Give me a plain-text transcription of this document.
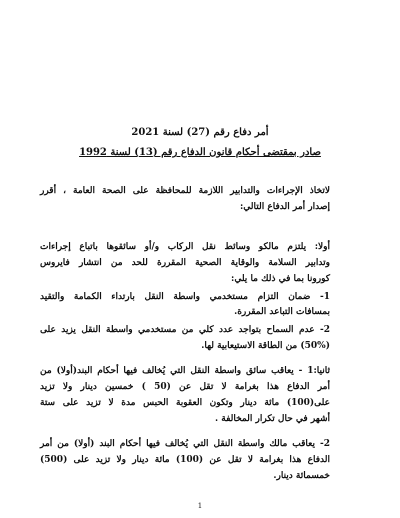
أمر دفاع رقم (27) لسنة 2021
صادر بمقتضى أحكام قانون الدفاع رقم (13) لسنة 1992
لاتخاذ الإجراءات والتدابير اللازمة للمحافظة على الصحة العامة ، أقرر
إصدار أمر الدفاع التالي:
أولا: يلتزم مالكو وسائط نقل الركاب و/أو سائقوها باتباع إجراءات
وتدابير السلامة والوقاية الصحية المقررة للحد من انتشار فايروس
كورونا بما في ذلك ما يلي:
1- ضمان التزام مستخدمي واسطة النقل بارتداء الكمامة والتقيد
بمسافات التباعد المقررة.
2- عدم السماح بتواجد عدد كلي من مستخدمي واسطة النقل يزيد على
(50%) من الطاقة الاستيعابية لها.
ثانيا:1 - يعاقب سائق واسطة النقل التي يُخالف فيها أحكام البند(أولا) من
أمر الدفاع هذا بغرامة لا تقل عن (50 ) خمسين دينار ولا تزيد
على(100) مائة دينار وتكون العقوبة الحبس مدة لا تزيد على ستة
أشهر في حال تكرار المخالفة .
2- يعاقب مالك واسطة النقل التي يُخالف فيها أحكام البند (أولا) من أمر
الدفاع هذا بغرامة لا تقل عن (100) مائة دينار ولا تزيد على (500)
خمسمائة دينار.
1
